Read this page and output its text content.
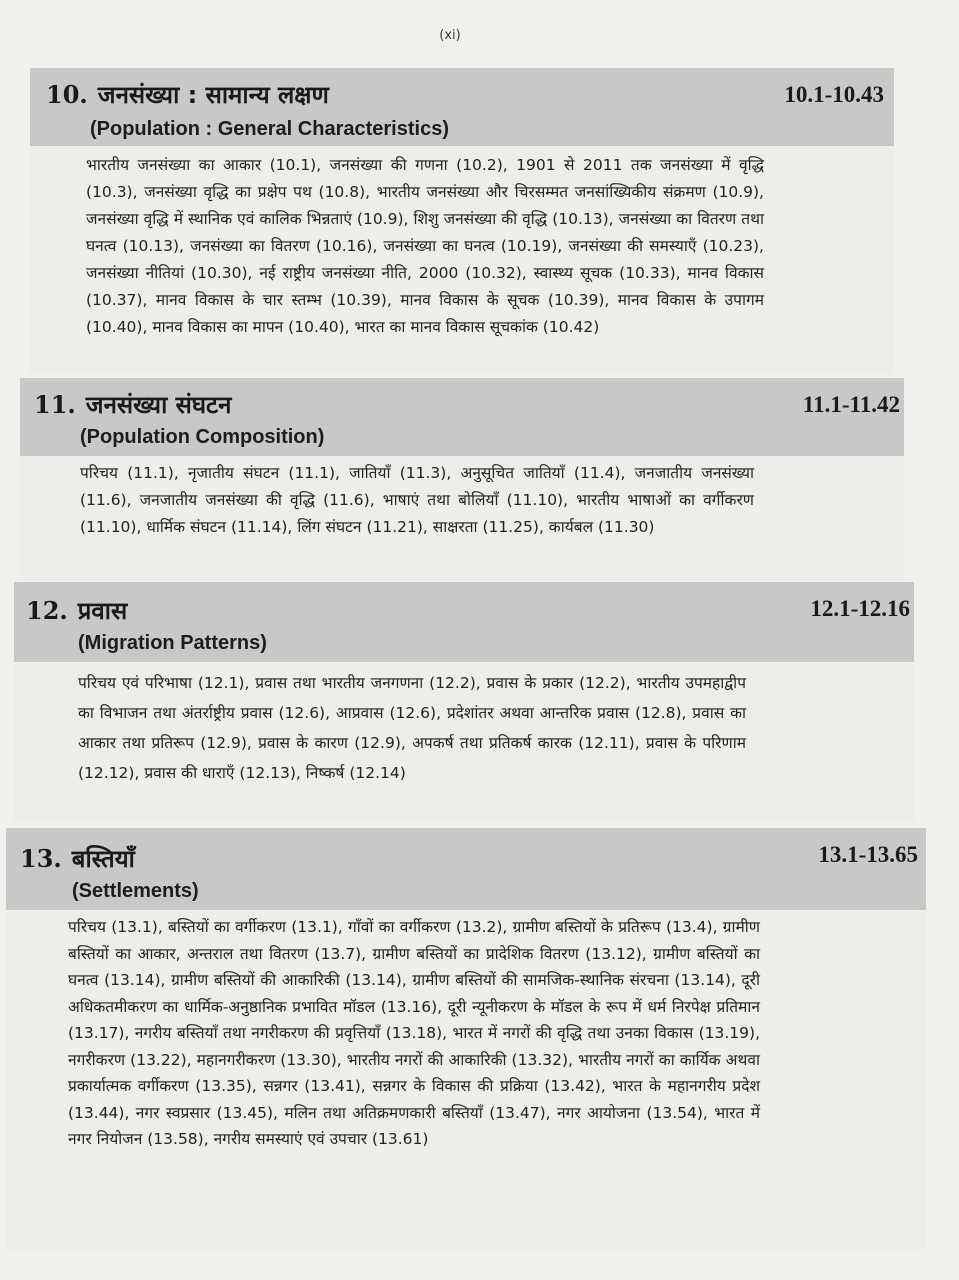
(xi)
10. जनसंख्या : सामान्य लक्षण
(Population : General Characteristics)
10.1-10.43

भारतीय जनसंख्या का आकार (10.1), जनसंख्या की गणना (10.2), 1901 से 2011 तक जनसंख्या में वृद्धि (10.3), जनसंख्या वृद्धि का प्रक्षेप पथ (10.8), भारतीय जनसंख्या और चिरसम्मत जनसांख्यिकीय संक्रमण (10.9), जनसंख्या वृद्धि में स्थानिक एवं कालिक भिन्नताएं (10.9), शिशु जनसंख्या की वृद्धि (10.13), जनसंख्या का वितरण तथा घनत्व (10.13), जनसंख्या का वितरण (10.16), जनसंख्या का घनत्व (10.19), जनसंख्या की समस्याएँ (10.23), जनसंख्या नीतियां (10.30), नई राष्ट्रीय जनसंख्या नीति, 2000 (10.32), स्वास्थ्य सूचक (10.33), मानव विकास (10.37), मानव विकास के चार स्तम्भ (10.39), मानव विकास के सूचक (10.39), मानव विकास के उपागम (10.40), मानव विकास का मापन (10.40), भारत का मानव विकास सूचकांक (10.42)

11. जनसंख्या संघटन
(Population Composition)
11.1-11.42

परिचय (11.1), नृजातीय संघटन (11.1), जातियाँ (11.3), अनुसूचित जातियाँ (11.4), जनजातीय जनसंख्या (11.6), जनजातीय जनसंख्या की वृद्धि (11.6), भाषाएं तथा बोलियाँ (11.10), भारतीय भाषाओं का वर्गीकरण (11.10), धार्मिक संघटन (11.14), लिंग संघटन (11.21), साक्षरता (11.25), कार्यबल (11.30)

12. प्रवास
(Migration Patterns)
12.1-12.16

परिचय एवं परिभाषा (12.1), प्रवास तथा भारतीय जनगणना (12.2), प्रवास के प्रकार (12.2), भारतीय उपमहाद्वीप का विभाजन तथा अंतर्राष्ट्रीय प्रवास (12.6), आप्रवास (12.6), प्रदेशांतर अथवा आन्तरिक प्रवास (12.8), प्रवास का आकार तथा प्रतिरूप (12.9), प्रवास के कारण (12.9), अपकर्ष तथा प्रतिकर्ष कारक (12.11), प्रवास के परिणाम (12.12), प्रवास की धाराएँ (12.13), निष्कर्ष (12.14)

13. बस्तियाँ
(Settlements)
13.1-13.65

परिचय (13.1), बस्तियों का वर्गीकरण (13.1), गाँवों का वर्गीकरण (13.2), ग्रामीण बस्तियों के प्रतिरूप (13.4), ग्रामीण बस्तियों का आकार, अन्तराल तथा वितरण (13.7), ग्रामीण बस्तियों का प्रादेशिक वितरण (13.12), ग्रामीण बस्तियों का घनत्व (13.14), ग्रामीण बस्तियों की आकारिकी (13.14), ग्रामीण बस्तियों की सामजिक-स्थानिक संरचना (13.14), दूरी अधिकतमीकरण का धार्मिक-अनुष्ठानिक प्रभावित मॉडल (13.16), दूरी न्यूनीकरण के मॉडल के रूप में धर्म निरपेक्ष प्रतिमान (13.17), नगरीय बस्तियाँ तथा नगरीकरण की प्रवृत्तियाँ (13.18), भारत में नगरों की वृद्धि तथा उनका विकास (13.19), नगरीकरण (13.22), महानगरीकरण (13.30), भारतीय नगरों की आकारिकी (13.32), भारतीय नगरों का कार्यिक अथवा प्रकार्यात्मक वर्गीकरण (13.35), सन्नगर (13.41), सन्नगर के विकास की प्रक्रिया (13.42), भारत के महानगरीय प्रदेश (13.44), नगर स्वप्रसार (13.45), मलिन तथा अतिक्रमणकारी बस्तियाँ (13.47), नगर आयोजना (13.54), भारत में नगर नियोजन (13.58), नगरीय समस्याएं एवं उपचार (13.61)
